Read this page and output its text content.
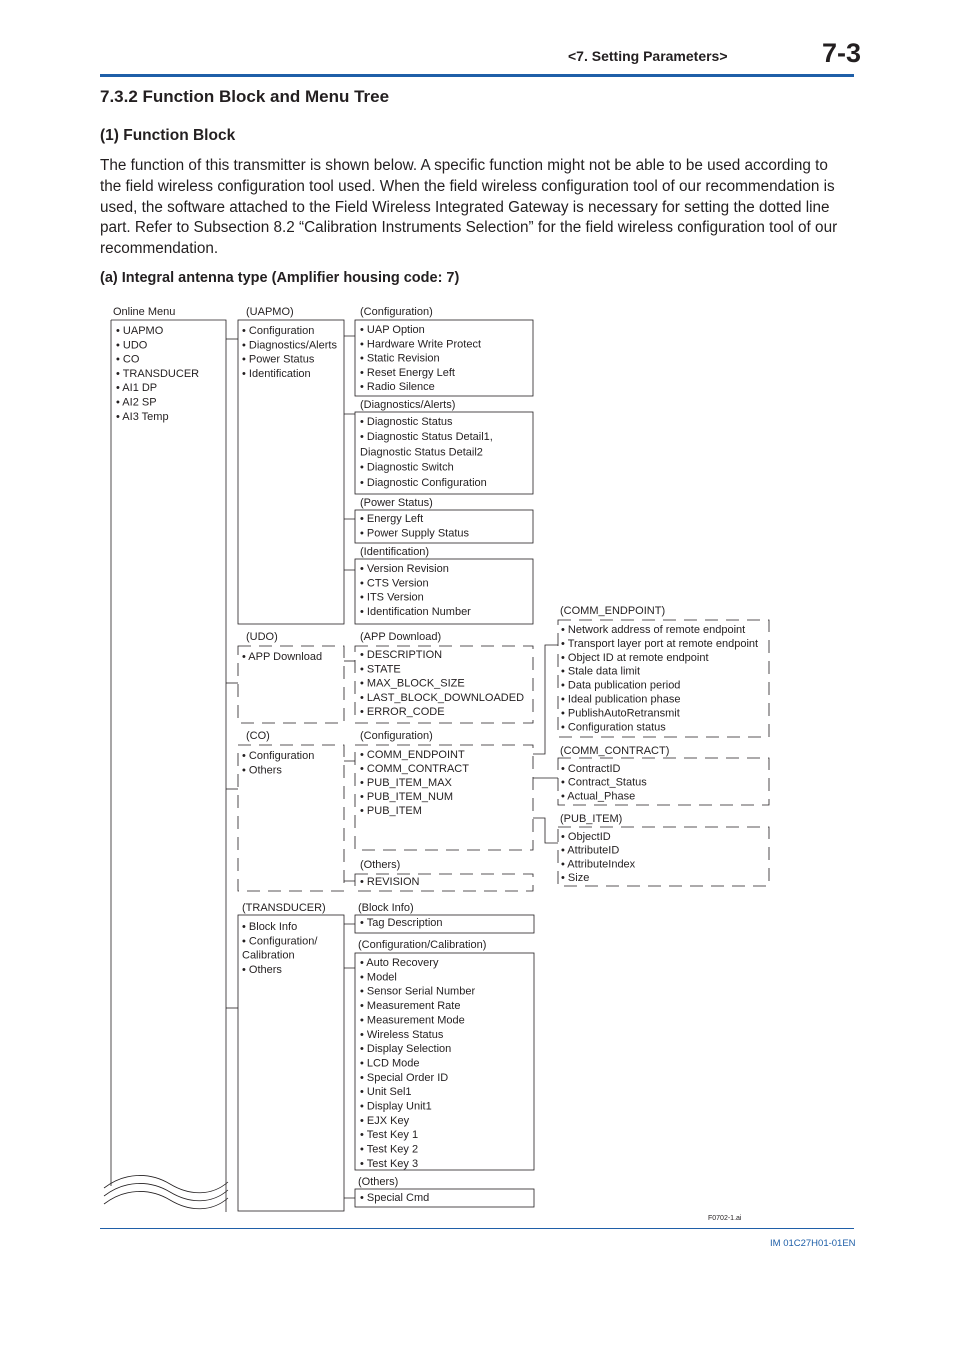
<7. Setting Parameters>	7-3
7.3.2 Function Block and Menu Tree
(1) Function Block
The function of this transmitter is shown below. A specific function might not be able to be used according to
the field wireless configuration tool used. When the field wireless configuration tool of our recommendation is
used, the software attached to the Field Wireless Integrated Gateway is necessary for setting the dotted line
part. Refer to Subsection 8.2 “Calibration Instruments Selection” for the field wireless configuration tool of our
recommendation.
(a) Integral antenna type (Amplifier housing code: 7)
Online Menu	(UAPMO)	(Configuration)
(Diagnostics/Alerts)
(Power Status)
(Identification)
(UDO)	(APP Download)
(CO)	(Configuration)
(Others)
(COMM_ENDPOINT)
(COMM_CONTRACT)
(PUB_ITEM)
(TRANSDUCER)	(Block Info)
(Configuration/Calibration)
(Others)
F0702-1.ai
• UAPMO
• UDO
• CO
• TRANSDUCER
• AI1 DP
• AI2 SP
• AI3 Temp
• Configuration
• Diagnostics/Alerts
• Power Status
• Identification
• UAP Option
• Hardware Write Protect
• Static Revision
• Reset Energy Left
• Radio Silence
• Diagnostic Status
• Diagnostic Status Detail1,
Diagnostic Status Detail2
• Diagnostic Switch
• Diagnostic Configuration
• Energy Left
• Power Supply Status
• Version Revision
• CTS Version
• ITS Version
• Identification Number
• APP Download	• DESCRIPTION
• STATE
• MAX_BLOCK_SIZE
• LAST_BLOCK_DOWNLOADED
• ERROR_CODE
• Configuration
• Others
• COMM_ENDPOINT
• COMM_CONTRACT
• PUB_ITEM_MAX
• PUB_ITEM_NUM
• PUB_ITEM
• REVISION
• Network address of remote endpoint
• Transport layer port at remote endpoint
• Object ID at remote endpoint
• Stale data limit
• Data publication period
• Ideal publication phase
• PublishAutoRetransmit
• Configuration status
• ContractID
• Contract_Status
• Actual_Phase
• ObjectID
• AttributeID
• AttributeIndex
• Size
• Block Info
• Configuration/
Calibration
• Others
• Tag Description
• Auto Recovery
• Model
• Sensor Serial Number
• Measurement Rate
• Measurement Mode
• Wireless Status
• Display Selection
• LCD Mode
• Special Order ID
• Unit Sel1
• Display Unit1
• EJX Key
• Test Key 1
• Test Key 2
• Test Key 3
• Special Cmd
IM 01C27H01-01EN
